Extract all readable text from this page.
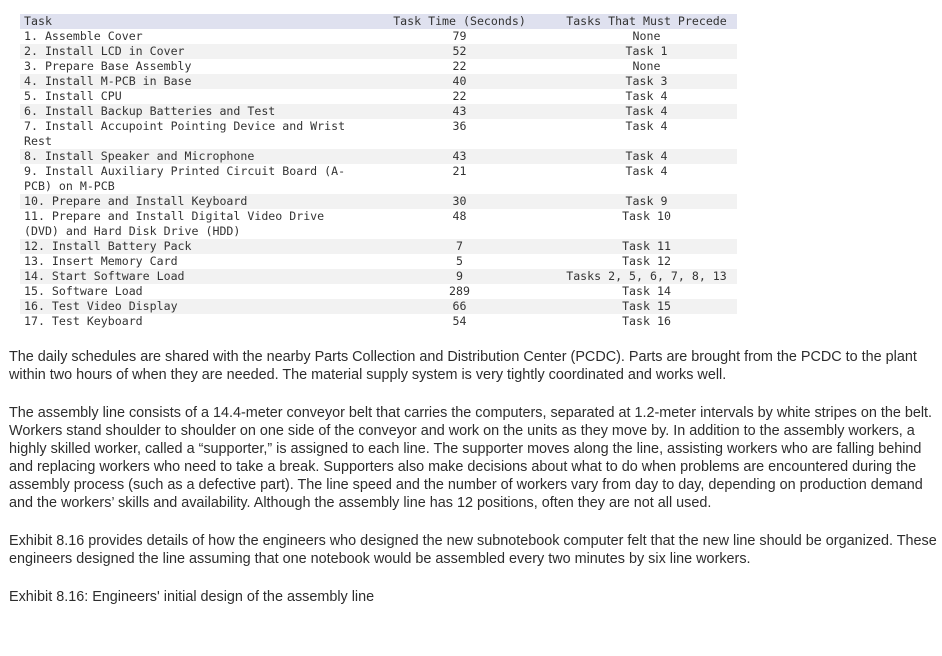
Task	Task Time (Seconds)	Tasks That Must Precede
1. Assemble Cover	79	None
2. Install LCD in Cover	52	Task 1
3. Prepare Base Assembly	22	None
4. Install M-PCB in Base	40	Task 3
5. Install CPU	22	Task 4
6. Install Backup Batteries and Test	43	Task 4
7. Install Accupoint Pointing Device and Wrist Rest	36	Task 4
8. Install Speaker and Microphone	43	Task 4
9. Install Auxiliary Printed Circuit Board (A-PCB) on M-PCB	21	Task 4
10. Prepare and Install Keyboard	30	Task 9
11. Prepare and Install Digital Video Drive (DVD) and Hard Disk Drive (HDD)	48	Task 10
12. Install Battery Pack	7	Task 11
13. Insert Memory Card	5	Task 12
14. Start Software Load	9	Tasks 2, 5, 6, 7, 8, 13
15. Software Load	289	Task 14
16. Test Video Display	66	Task 15
17. Test Keyboard	54	Task 16

The daily schedules are shared with the nearby Parts Collection and Distribution Center (PCDC). Parts are brought from the PCDC to the plant within two hours of when they are needed. The material supply system is very tightly coordinated and works well.

The assembly line consists of a 14.4-meter conveyor belt that carries the computers, separated at 1.2-meter intervals by white stripes on the belt. Workers stand shoulder to shoulder on one side of the conveyor and work on the units as they move by. In addition to the assembly workers, a highly skilled worker, called a “supporter,” is assigned to each line. The supporter moves along the line, assisting workers who are falling behind and replacing workers who need to take a break. Supporters also make decisions about what to do when problems are encountered during the assembly process (such as a defective part). The line speed and the number of workers vary from day to day, depending on production demand and the workers’ skills and availability. Although the assembly line has 12 positions, often they are not all used.

Exhibit 8.16 provides details of how the engineers who designed the new subnotebook computer felt that the new line should be organized. These engineers designed the line assuming that one notebook would be assembled every two minutes by six line workers.

Exhibit 8.16: Engineers' initial design of the assembly line
